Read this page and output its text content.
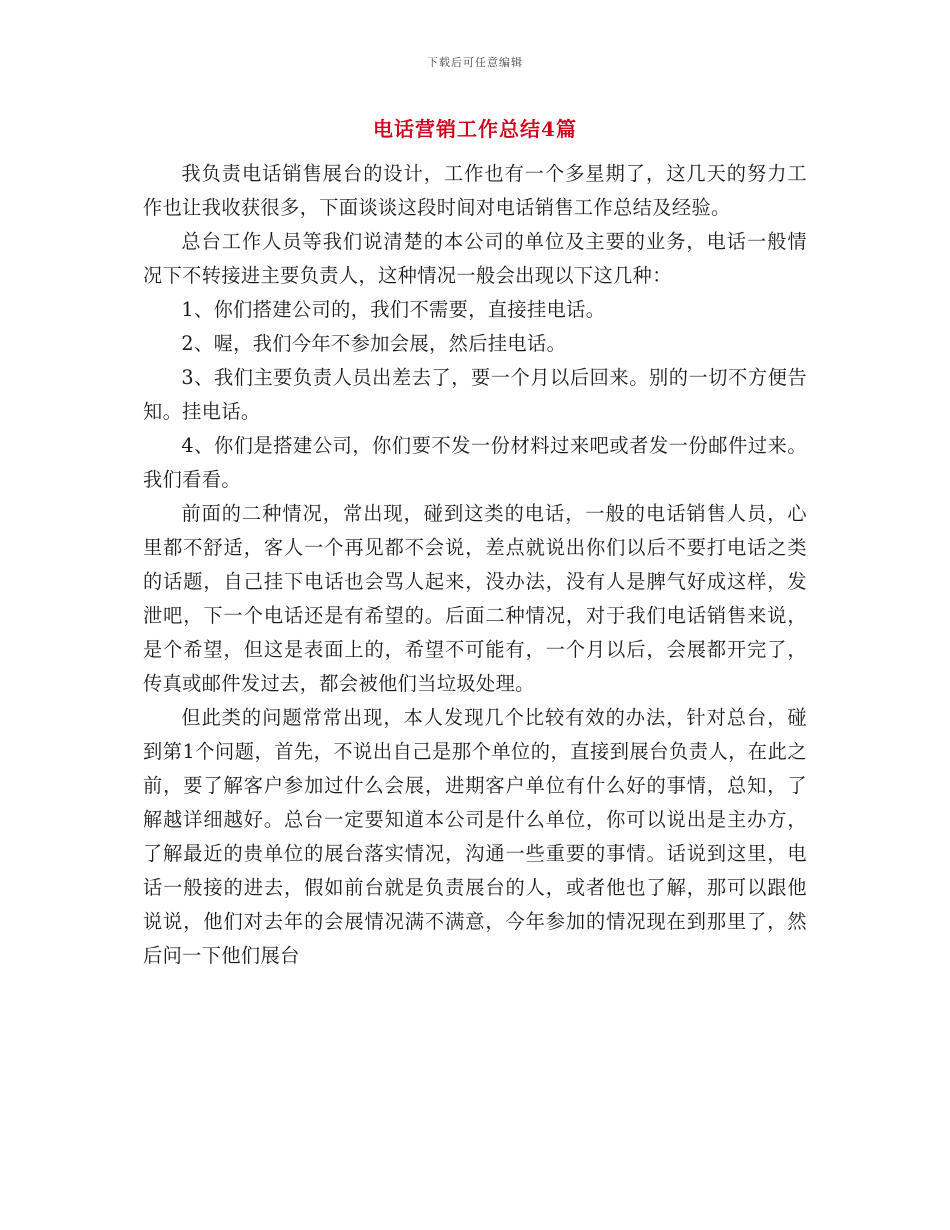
下载后可任意编辑
电话营销工作总结4篇

我负责电话销售展台的设计，工作也有一个多星期了，这几天的努力工作也让我收获很多，下面谈谈这段时间对电话销售工作总结及经验。

总台工作人员等我们说清楚的本公司的单位及主要的业务，电话一般情况下不转接进主要负责人，这种情况一般会出现以下这几种：

1、你们搭建公司的，我们不需要，直接挂电话。

2、喔，我们今年不参加会展，然后挂电话。

3、我们主要负责人员出差去了，要一个月以后回来。别的一切不方便告知。挂电话。

4、你们是搭建公司，你们要不发一份材料过来吧或者发一份邮件过来。我们看看。

前面的二种情况，常出现，碰到这类的电话，一般的电话销售人员，心里都不舒适，客人一个再见都不会说，差点就说出你们以后不要打电话之类的话题，自己挂下电话也会骂人起来，没办法，没有人是脾气好成这样，发泄吧，下一个电话还是有希望的。后面二种情况，对于我们电话销售来说，是个希望，但这是表面上的，希望不可能有，一个月以后，会展都开完了，传真或邮件发过去，都会被他们当垃圾处理。

但此类的问题常常出现，本人发现几个比较有效的办法，针对总台，碰到第1个问题，首先，不说出自己是那个单位的，直接到展台负责人，在此之前，要了解客户参加过什么会展，进期客户单位有什么好的事情，总知，了解越详细越好。总台一定要知道本公司是什么单位，你可以说出是主办方，了解最近的贵单位的展台落实情况，沟通一些重要的事情。话说到这里，电话一般接的进去，假如前台就是负责展台的人，或者他也了解，那可以跟他说说，他们对去年的会展情况满不满意，今年参加的情况现在到那里了，然后问一下他们展台
